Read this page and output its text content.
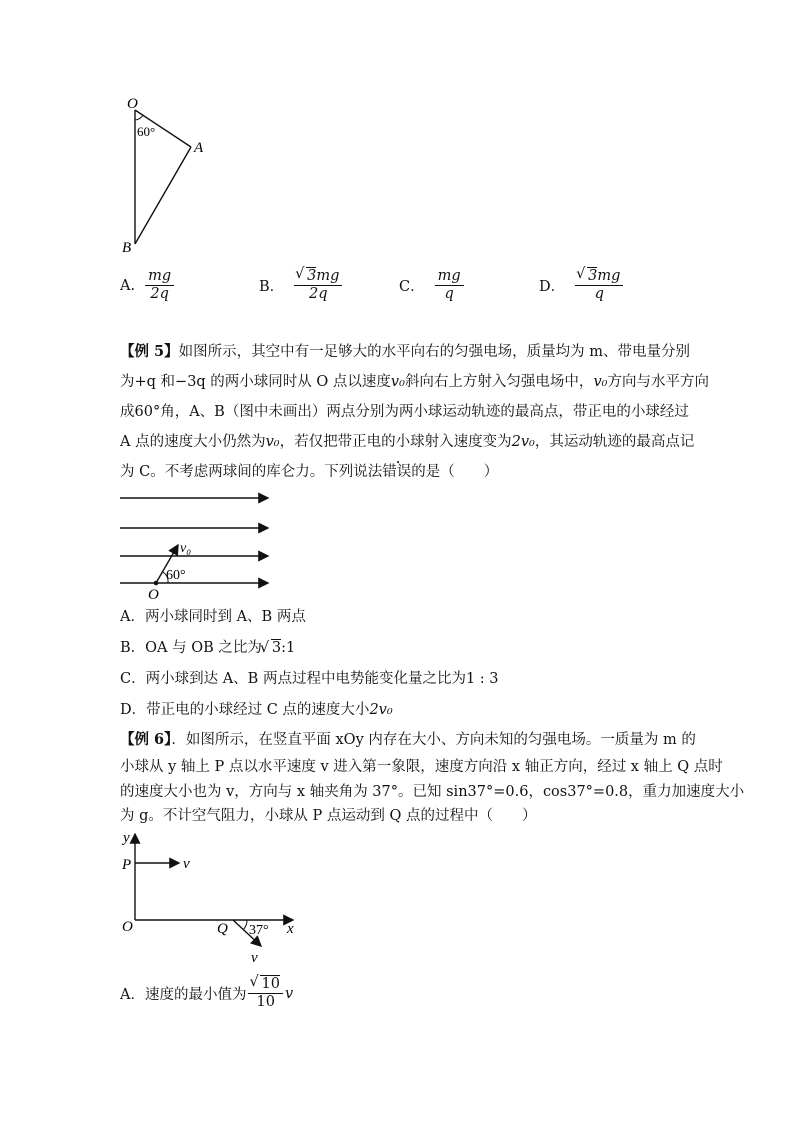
O
60°
A
B
A. $\frac{mg}{2q}$	B． √ $\frac{3mg}{2q}$	C． $\frac{mg}{q}$	D． √ $\frac{3mg}{q}$
【例 5】如图所示，其空中有一足够大的水平向右的匀强电场，质量均为 m、带电量分别
为+q 和−3q 的两小球同时从 O 点以速度v₀斜向右上方射入匀强电场中，v₀方向与水平方向
成60°角，A、B（图中未画出）两点分别为两小球运动轨迹的最高点，带正电的小球经过
A 点的速度大小仍然为v₀，若仅把带正电的小球射入速度变为2v₀，其运动轨迹的最高点记
为 C。不考虑两球间的库仑力。下列说法错误的是（　　）
v₀
60°
O
A．两小球同时到 A、B 两点
B．OA 与 OB 之比为 √ 3:1
C．两小球到达 A、B 两点过程中电势能变化量之比为1 : 3
D．带正电的小球经过 C 点的速度大小2v₀
【例 6】．如图所示，在竖直平面 xOy 内存在大小、方向未知的匀强电场。一质量为 m 的
小球从 y 轴上 P 点以水平速度 v 进入第一象限，速度方向沿 x 轴正方向，经过 x 轴上 Q 点时
的速度大小也为 v，方向与 x 轴夹角为 37°。已知 sin37°=0.6，cos37°=0.8，重力加速度大小
为 g。不计空气阻力，小球从 P 点运动到 Q 点的过程中（　　）
y
P	v
O	Q 37° x
v
A．速度的最小值为 √ $\frac{10}{10}$ v
